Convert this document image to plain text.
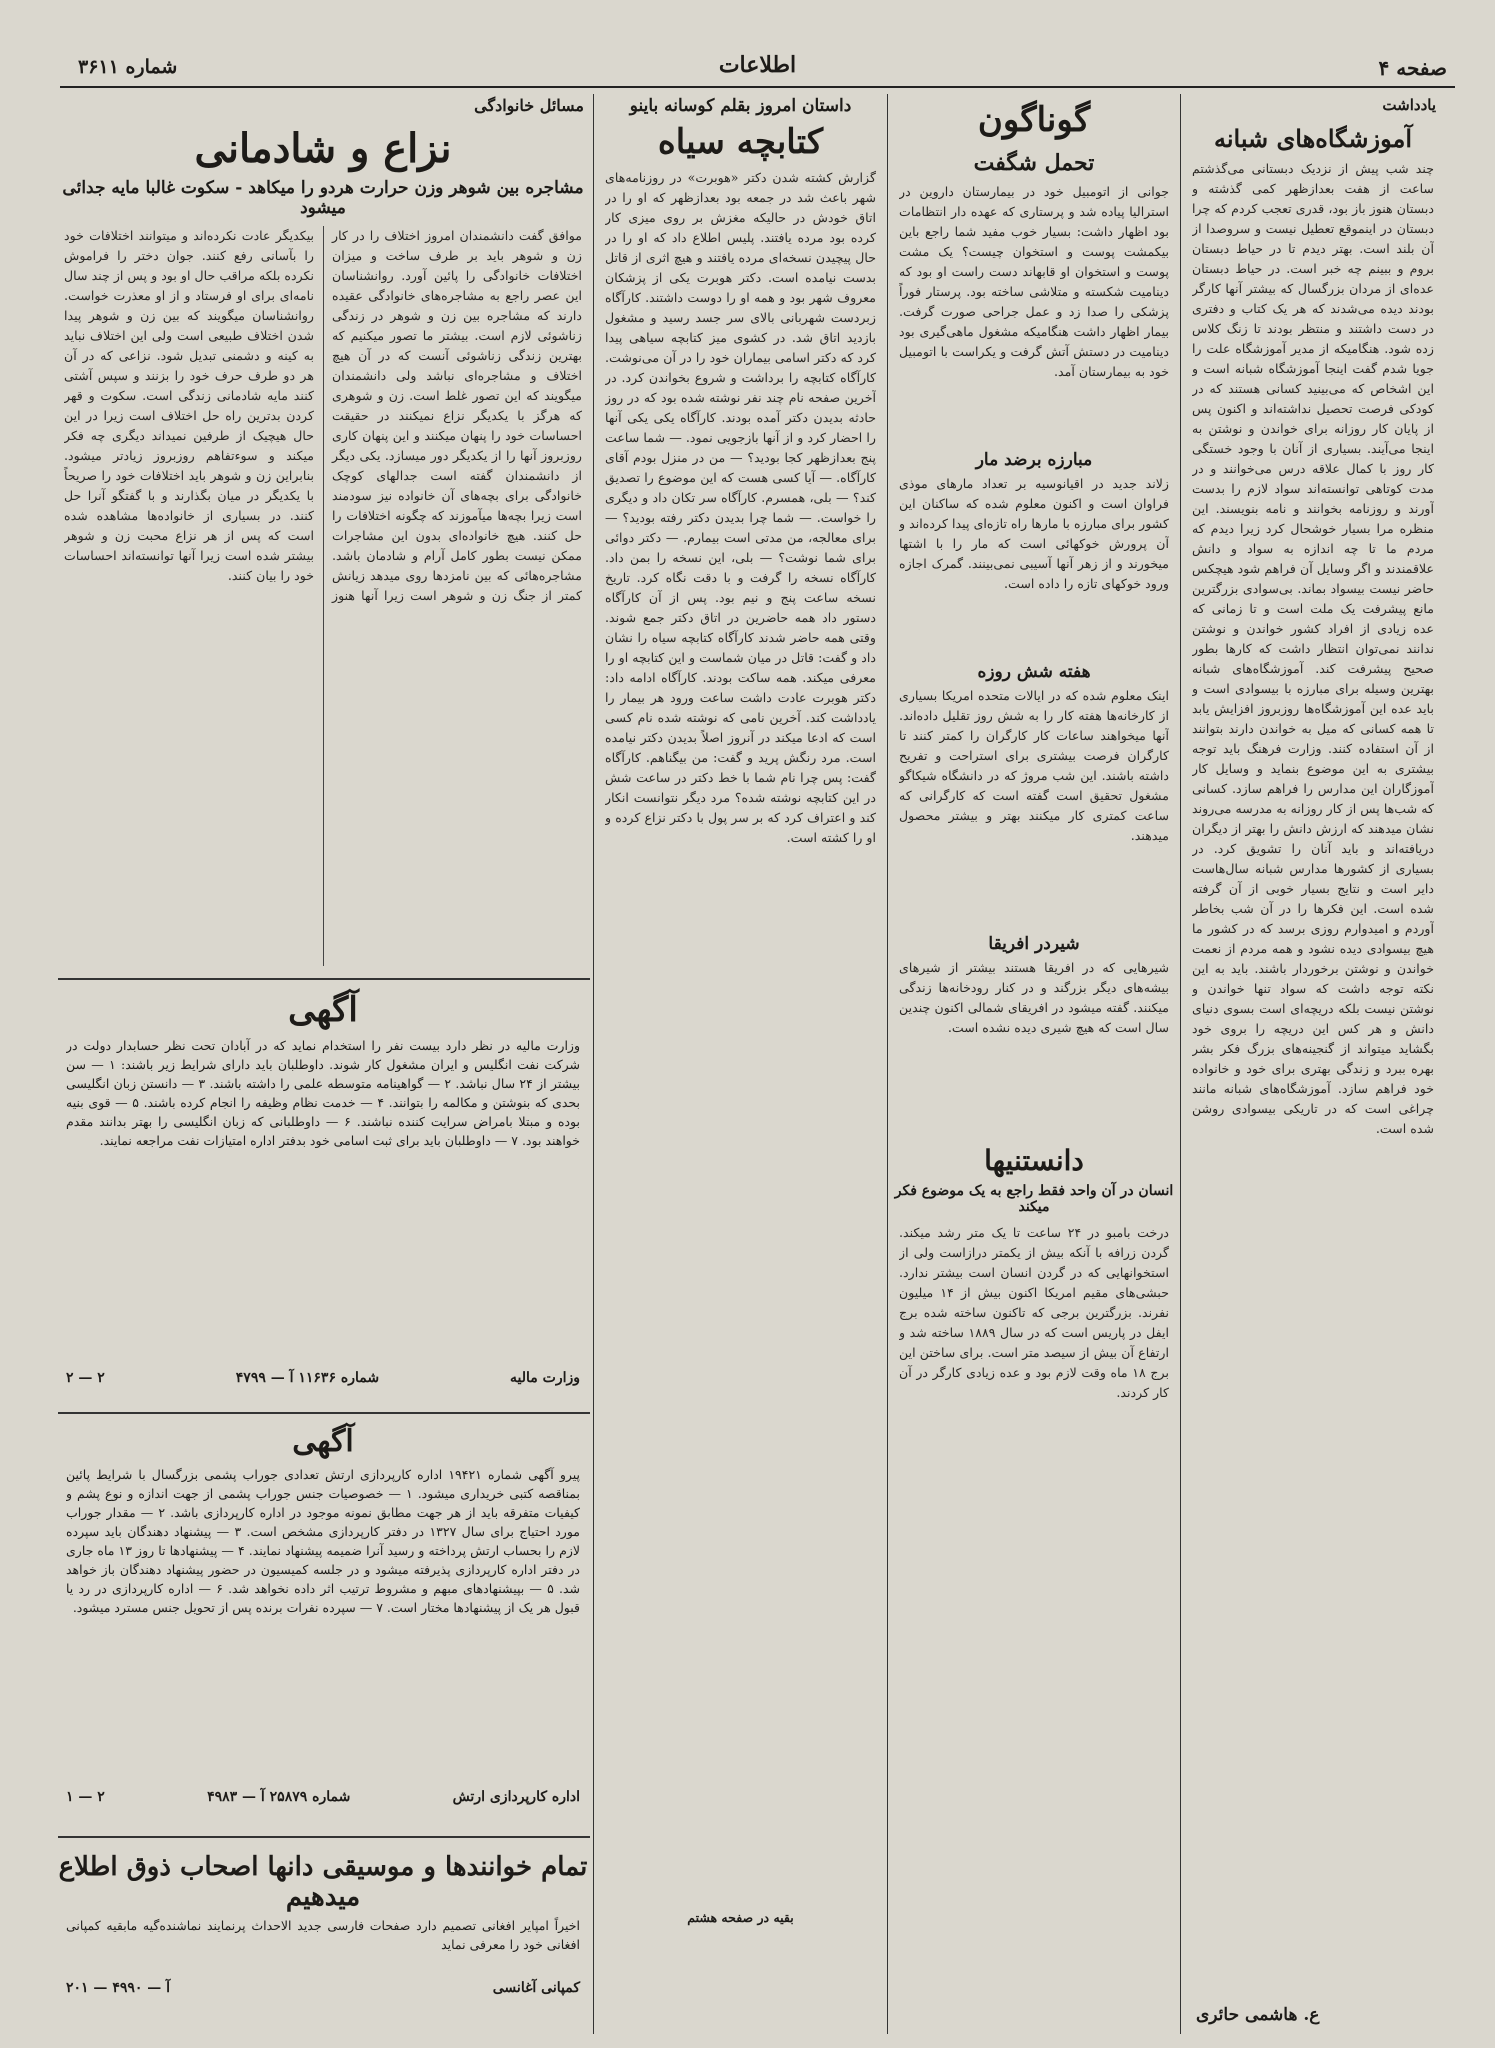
شماره ۳۶۱۱	اطلاعات	صفحه ۴
یادداشت
آموزشگاه‌های شبانه

چند شب پیش از نزدیک دبستانی می‌گذشتم ساعت از هفت بعدازظهر کمی گذشته و دبستان هنوز باز بود، قدری تعجب کردم که چرا دبستان در اینموقع تعطیل نیست و سروصدا از آن بلند است. بهتر دیدم تا در حیاط دبستان بروم و ببینم چه خبر است. در حیاط دبستان عده‌ای از مردان بزرگسال که بیشتر آنها کارگر بودند دیده می‌شدند که هر یک کتاب و دفتری در دست داشتند و منتظر بودند تا زنگ کلاس زده شود. هنگامیکه از مدیر آموزشگاه علت را جویا شدم گفت اینجا آموزشگاه شبانه است و این اشخاص که می‌بینید کسانی هستند که در کودکی فرصت تحصیل نداشته‌اند و اکنون پس از پایان کار روزانه برای خواندن و نوشتن به اینجا می‌آیند. بسیاری از آنان با وجود خستگی کار روز با کمال علاقه درس می‌خوانند و در مدت کوتاهی توانسته‌اند سواد لازم را بدست آورند و روزنامه بخوانند و نامه بنویسند. این منظره مرا بسیار خوشحال کرد زیرا دیدم که مردم ما تا چه اندازه به سواد و دانش علاقمندند و اگر وسایل آن فراهم شود هیچکس حاضر نیست بیسواد بماند. بی‌سوادی بزرگترین مانع پیشرفت یک ملت است و تا زمانی که عده زیادی از افراد کشور خواندن و نوشتن ندانند نمی‌توان انتظار داشت که کارها بطور صحیح پیشرفت کند. آموزشگاه‌های شبانه بهترین وسیله برای مبارزه با بیسوادی است و باید عده این آموزشگاه‌ها روزبروز افزایش یابد تا همه کسانی که میل به خواندن دارند بتوانند از آن استفاده کنند. وزارت فرهنگ باید توجه بیشتری به این موضوع بنماید و وسایل کار آموزگاران این مدارس را فراهم سازد. کسانی که شب‌ها پس از کار روزانه به مدرسه می‌روند نشان میدهند که ارزش دانش را بهتر از دیگران دریافته‌اند و باید آنان را تشویق کرد. در بسیاری از کشورها مدارس شبانه سال‌هاست دایر است و نتایج بسیار خوبی از آن گرفته شده است. این فکرها را در آن شب بخاطر آوردم و امیدوارم روزی برسد که در کشور ما هیچ بیسوادی دیده نشود و همه مردم از نعمت خواندن و نوشتن برخوردار باشند. باید به این نکته توجه داشت که سواد تنها خواندن و نوشتن نیست بلکه دریچه‌ای است بسوی دنیای دانش و هر کس این دریچه را بروی خود بگشاید میتواند از گنجینه‌های بزرگ فکر بشر بهره ببرد و زندگی بهتری برای خود و خانواده خود فراهم سازد. آموزشگاه‌های شبانه مانند چراغی است که در تاریکی بیسوادی روشن شده است.

ع. هاشمی حائری
گوناگون
تحمل شگفت

جوانی از اتومبیل خود در بیمارستان داروین در استرالیا پیاده شد و پرستاری که عهده دار انتظامات بود اظهار داشت: بسیار خوب مفید شما راجع باین بیکمشت پوست و استخوان چیست؟ یک مشت پوست و استخوان او قابهاند دست راست او بود که دینامیت شکسته و متلاشی ساخته بود. پرستار فوراً پزشکی را صدا زد و عمل جراحی صورت گرفت. بیمار اظهار داشت هنگامیکه مشغول ماهی‌گیری بود دینامیت در دستش آتش گرفت و یکراست با اتومبیل خود به بیمارستان آمد.

مبارزه برضد مار

زلاند جدید در اقیانوسیه بر تعداد مارهای موذی فراوان است و اکنون معلوم شده که ساکنان این کشور برای مبارزه با مارها راه تازه‌ای پیدا کرده‌اند و آن پرورش خوکهائی است که مار را با اشتها میخورند و از زهر آنها آسیبی نمی‌بینند. گمرک اجازه ورود خوکهای تازه را داده است.

هفته شش روزه

اینک معلوم شده که در ایالات متحده امریکا بسیاری از کارخانه‌ها هفته کار را به شش روز تقلیل داده‌اند. آنها میخواهند ساعات کار کارگران را کمتر کنند تا کارگران فرصت بیشتری برای استراحت و تفریح داشته باشند. این شب مروژ که در دانشگاه شیکاگو مشغول تحقیق است گفته است که کارگرانی که ساعت کمتری کار میکنند بهتر و بیشتر محصول میدهند.

شیردر افریقا

شیرهایی که در افریقا هستند بیشتر از شیرهای بیشه‌های دیگر بزرگند و در کنار رودخانه‌ها زندگی میکنند. گفته میشود در افریقای شمالی اکنون چندین سال است که هیچ شیری دیده نشده است.

دانستنیها
انسان در آن واحد فقط راجع به یک موضوع فکر میکند

درخت بامبو در ۲۴ ساعت تا یک متر رشد میکند. گردن زرافه با آنکه بیش از یکمتر درازاست ولی از استخوانهایی که در گردن انسان است بیشتر ندارد. حبشی‌های مقیم امریکا اکنون بیش از ۱۴ میلیون نفرند. بزرگترین برجی که تاکنون ساخته شده برج ایفل در پاریس است که در سال ۱۸۸۹ ساخته شد و ارتفاع آن بیش از سیصد متر است. برای ساختن این برج ۱۸ ماه وقت لازم بود و عده زیادی کارگر در آن کار کردند.

داستان امروز بقلم کوسانه باینو
کتابچه سیاه

گزارش کشته شدن دکتر «هوبرت» در روزنامه‌های شهر باعث شد در جمعه بود بعدازظهر که او را در اتاق خودش در حالیکه مغزش بر روی میزی کار کرده بود مرده یافتند. پلیس اطلاع داد که او را در حال پیچیدن نسخه‌ای مرده یافتند و هیچ اثری از قاتل بدست نیامده است. دکتر هوبرت یکی از پزشکان معروف شهر بود و همه او را دوست داشتند. کارآگاه زبردست شهربانی بالای سر جسد رسید و مشغول بازدید اتاق شد. در کشوی میز کتابچه سیاهی پیدا کرد که دکتر اسامی بیماران خود را در آن می‌نوشت. کارآگاه کتابچه را برداشت و شروع بخواندن کرد. در آخرین صفحه نام چند نفر نوشته شده بود که در روز حادثه بدیدن دکتر آمده بودند. کارآگاه یکی یکی آنها را احضار کرد و از آنها بازجویی نمود. — شما ساعت پنج بعدازظهر کجا بودید؟ — من در منزل بودم آقای کارآگاه. — آیا کسی هست که این موضوع را تصدیق کند؟ — بلی، همسرم. کارآگاه سر تکان داد و دیگری را خواست. — شما چرا بدیدن دکتر رفته بودید؟ — برای معالجه، من مدتی است بیمارم. — دکتر دوائی برای شما نوشت؟ — بلی، این نسخه را بمن داد. کارآگاه نسخه را گرفت و با دقت نگاه کرد. تاریخ نسخه ساعت پنج و نیم بود. پس از آن کارآگاه دستور داد همه حاضرین در اتاق دکتر جمع شوند. وقتی همه حاضر شدند کارآگاه کتابچه سیاه را نشان داد و گفت: قاتل در میان شماست و این کتابچه او را معرفی میکند. همه ساکت بودند. کارآگاه ادامه داد: دکتر هوبرت عادت داشت ساعت ورود هر بیمار را یادداشت کند. آخرین نامی که نوشته شده نام کسی است که ادعا میکند در آنروز اصلاً بدیدن دکتر نیامده است. مرد رنگش پرید و گفت: من بیگناهم. کارآگاه گفت: پس چرا نام شما با خط دکتر در ساعت شش در این کتابچه نوشته شده؟ مرد دیگر نتوانست انکار کند و اعتراف کرد که بر سر پول با دکتر نزاع کرده و او را کشته است.

بقیه در صفحه هشتم
مسائل خانوادگی
نزاع و شادمانی
مشاجره بین شوهر وزن حرارت هردو را میکاهد - سکوت غالبا مایه جدائی میشود

موافق گفت دانشمندان امروز اختلاف را در کار زن و شوهر باید بر طرف ساخت و میزان اختلافات خانوادگی را پائین آورد. روانشناسان این عصر راجع به مشاجره‌های خانوادگی عقیده دارند که مشاجره بین زن و شوهر در زندگی زناشوئی لازم است. بیشتر ما تصور میکنیم که بهترین زندگی زناشوئی آنست که در آن هیچ اختلاف و مشاجره‌ای نباشد ولی دانشمندان میگویند که این تصور غلط است. زن و شوهری که هرگز با یکدیگر نزاع نمیکنند در حقیقت احساسات خود را پنهان میکنند و این پنهان کاری روزبروز آنها را از یکدیگر دور میسازد. یکی دیگر از دانشمندان گفته است جدالهای کوچک خانوادگی برای بچه‌های آن خانواده نیز سودمند است زیرا بچه‌ها میآموزند که چگونه اختلافات را حل کنند. هیچ خانواده‌ای بدون این مشاجرات ممکن نیست بطور کامل آرام و شادمان باشد. مشاجره‌هائی که بین نامزدها روی میدهد زیانش کمتر از جنگ زن و شوهر است زیرا آنها هنوز بیکدیگر عادت نکرده‌اند و میتوانند اختلافات خود را بآسانی رفع کنند. جوان دختر را فراموش نکرده بلکه مراقب حال او بود و پس از چند سال نامه‌ای برای او فرستاد و از او معذرت خواست. روانشناسان میگویند که بین زن و شوهر پیدا شدن اختلاف طبیعی است ولی این اختلاف نباید به کینه و دشمنی تبدیل شود. نزاعی که در آن هر دو طرف حرف خود را بزنند و سپس آشتی کنند مایه شادمانی زندگی است. سکوت و قهر کردن بدترین راه حل اختلاف است زیرا در این حال هیچیک از طرفین نمیداند دیگری چه فکر میکند و سوءتفاهم روزبروز زیادتر میشود. بنابراین زن و شوهر باید اختلافات خود را صریحاً با یکدیگر در میان بگذارند و با گفتگو آنرا حل کنند. در بسیاری از خانواده‌ها مشاهده شده است که پس از هر نزاع محبت زن و شوهر بیشتر شده است زیرا آنها توانسته‌اند احساسات خود را بیان کنند.

آگهی

وزارت مالیه در نظر دارد بیست نفر را استخدام نماید که در آبادان تحت نظر حسابدار دولت در شرکت نفت انگلیس و ایران مشغول کار شوند. داوطلبان باید دارای شرایط زیر باشند: ۱ — سن بیشتر از ۲۴ سال نباشد. ۲ — گواهینامه متوسطه علمی را داشته باشند. ۳ — دانستن زبان انگلیسی بحدی که بنوشتن و مکالمه را بتوانند. ۴ — خدمت نظام وظیفه را انجام کرده باشند. ۵ — قوی بنیه بوده و مبتلا بامراض سرایت کننده نباشند. ۶ — داوطلبانی که زبان انگلیسی را بهتر بدانند مقدم خواهند بود. ۷ — داوطلبان باید برای ثبت اسامی خود بدفتر اداره امتیازات نفت مراجعه نمایند.

وزارت مالیه
شماره ۱۱۶۳۶ آ — ۴۷۹۹
۲ — ۲
آگهی

پیرو آگهی شماره ۱۹۴۲۱ اداره کارپردازی ارتش تعدادی جوراب پشمی بزرگسال با شرایط پائین بمناقصه کتبی خریداری میشود. ۱ — خصوصیات جنس جوراب پشمی از جهت اندازه و نوع پشم و کیفیات متفرقه باید از هر جهت مطابق نمونه موجود در اداره کارپردازی باشد. ۲ — مقدار جوراب مورد احتیاج برای سال ۱۳۲۷ در دفتر کارپردازی مشخص است. ۳ — پیشنهاد دهندگان باید سپرده لازم را بحساب ارتش پرداخته و رسید آنرا ضمیمه پیشنهاد نمایند. ۴ — پیشنهادها تا روز ۱۳ ماه جاری در دفتر اداره کارپردازی پذیرفته میشود و در جلسه کمیسیون در حضور پیشنهاد دهندگان باز خواهد شد. ۵ — بپیشنهادهای مبهم و مشروط ترتیب اثر داده نخواهد شد. ۶ — اداره کارپردازی در رد یا قبول هر یک از پیشنهادها مختار است. ۷ — سپرده نفرات برنده پس از تحویل جنس مسترد میشود.

اداره کارپردازی ارتش
شماره ۲۵۸۷۹ آ — ۴۹۸۳
۲ — ۱
تمام خوانندها و موسیقی دانها اصحاب ذوق اطلاع میدهیم

اخیراً امپایر افغانی تصمیم دارد صفحات فارسی جدید الاحداث پرنمایند نماشنده‌گیه مابقیه کمپانی افغانی خود را معرفی نماید

کمپانی آغانسی
آ — ۴۹۹۰ — ۲۰۱
